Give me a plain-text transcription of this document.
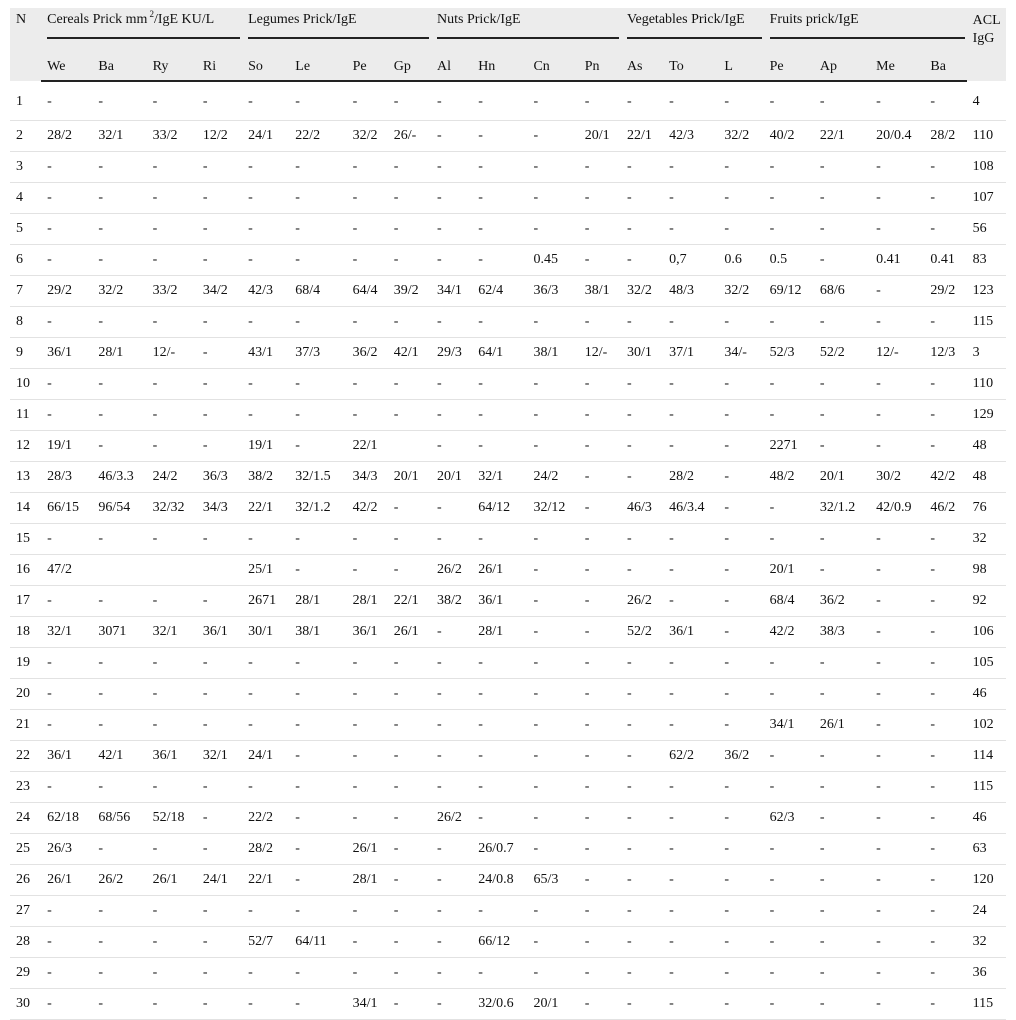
N	Cereals Prick mm $^2$/IgE KU/L				Legumes Prick/IgE				Nuts Prick/IgE				Vegetables Prick/IgE			Fruits prick/IgE				ACL IgG
	We	Ba	Ry	Ri	So	Le	Pe	Gp	Al	Hn	Cn	Pn	As	To	L	Pe	Ap	Me	Ba	
1	-	-	-	-	-	-	-	-	-	-	-	-	-	-	-	-	-	-	-	4
2	28/2	32/1	33/2	12/2	24/1	22/2	32/2	26/-	-	-	-	20/1	22/1	42/3	32/2	40/2	22/1	20/0.4	28/2	110
3	-	-	-	-	-	-	-	-	-	-	-	-	-	-	-	-	-	-	-	108
4	-	-	-	-	-	-	-	-	-	-	-	-	-	-	-	-	-	-	-	107
5	-	-	-	-	-	-	-	-	-	-	-	-	-	-	-	-	-	-	-	56
6	-	-	-	-	-	-	-	-	-	-	0.45	-	-	0,7	0.6	0.5	-	0.41	0.41	83
7	29/2	32/2	33/2	34/2	42/3	68/4	64/4	39/2	34/1	62/4	36/3	38/1	32/2	48/3	32/2	69/12	68/6	-	29/2	123
8	-	-	-	-	-	-	-	-	-	-	-	-	-	-	-	-	-	-	-	115
9	36/1	28/1	12/-	-	43/1	37/3	36/2	42/1	29/3	64/1	38/1	12/-	30/1	37/1	34/-	52/3	52/2	12/-	12/3	3
10	-	-	-	-	-	-	-	-	-	-	-	-	-	-	-	-	-	-	-	110
11	-	-	-	-	-	-	-	-	-	-	-	-	-	-	-	-	-	-	-	129
12	19/1	-	-	-	19/1	-	22/1		-	-	-	-	-	-	-	2271	-	-	-	48
13	28/3	46/3.3	24/2	36/3	38/2	32/1.5	34/3	20/1	20/1	32/1	24/2	-	-	28/2	-	48/2	20/1	30/2	42/2	48
14	66/15	96/54	32/32	34/3	22/1	32/1.2	42/2	-	-	64/12	32/12	-	46/3	46/3.4	-	-	32/1.2	42/0.9	46/2	76
15	-	-	-	-	-	-	-	-	-	-	-	-	-	-	-	-	-	-	-	32
16	47/2				25/1	-	-	-	26/2	26/1	-	-	-	-	-	20/1	-	-	-	98
17	-	-	-	-	2671	28/1	28/1	22/1	38/2	36/1	-	-	26/2	-	-	68/4	36/2	-	-	92
18	32/1	3071	32/1	36/1	30/1	38/1	36/1	26/1	-	28/1	-	-	52/2	36/1	-	42/2	38/3	-	-	106
19	-	-	-	-	-	-	-	-	-	-	-	-	-	-	-	-	-	-	-	105
20	-	-	-	-	-	-	-	-	-	-	-	-	-	-	-	-	-	-	-	46
21	-	-	-	-	-	-	-	-	-	-	-	-	-	-	-	34/1	26/1	-	-	102
22	36/1	42/1	36/1	32/1	24/1	-	-	-	-	-	-	-	-	62/2	36/2	-	-	-	-	114
23	-	-	-	-	-	-	-	-	-	-	-	-	-	-	-	-	-	-	-	115
24	62/18	68/56	52/18	-	22/2	-	-	-	26/2	-	-	-	-	-	-	62/3	-	-	-	46
25	26/3	-	-	-	28/2	-	26/1	-	-	26/0.7	-	-	-	-	-	-	-	-	-	63
26	26/1	26/2	26/1	24/1	22/1	-	28/1	-	-	24/0.8	65/3	-	-	-	-	-	-	-	-	120
27	-	-	-	-	-	-	-	-	-	-	-	-	-	-	-	-	-	-	-	24
28	-	-	-	-	52/7	64/11	-	-	-	66/12	-	-	-	-	-	-	-	-	-	32
29	-	-	-	-	-	-	-	-	-	-	-	-	-	-	-	-	-	-	-	36
30	-	-	-	-	-	-	34/1	-	-	32/0.6	20/1	-	-	-	-	-	-	-	-	115
